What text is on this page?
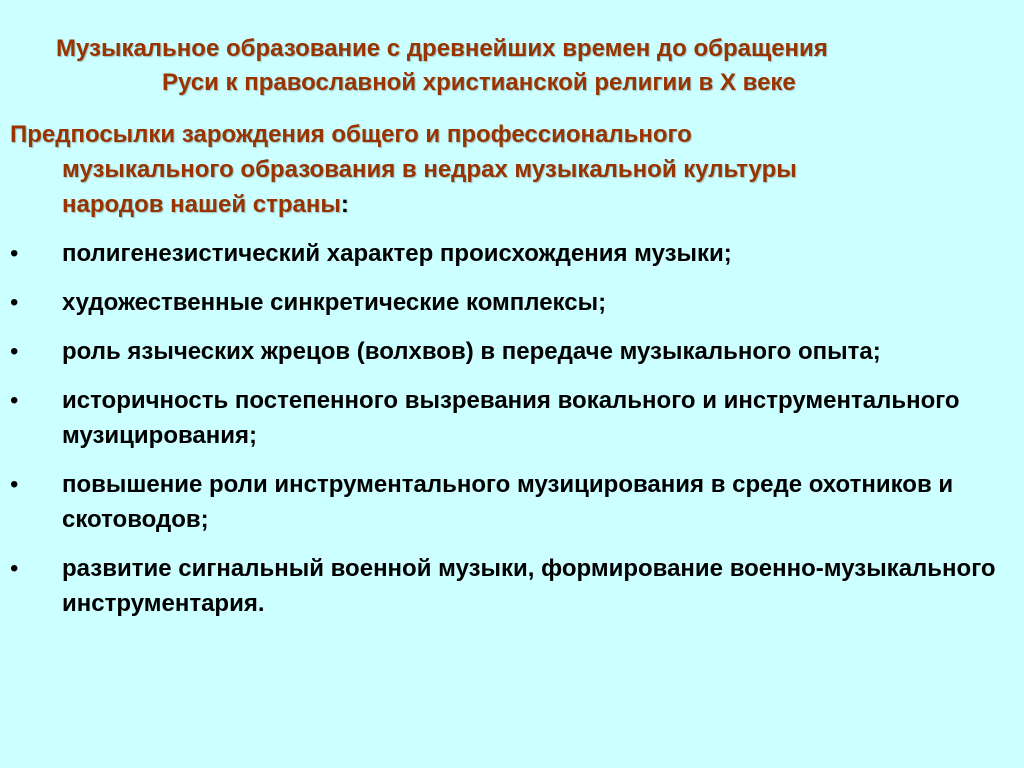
Музыкальное образование с древнейших времен до обращения
Руси к православной христианской религии в X веке
Предпосылки зарождения общего и профессионального
музыкального образования в недрах музыкальной культуры
народов нашей страны:
•	полигенезистический характер происхождения музыки;
•	художественные синкретические комплексы;
•	роль языческих жрецов (волхвов) в передаче музыкального опыта;
•	историчность постепенного вызревания вокального и инструментального музицирования;
•	повышение роли инструментального музицирования в среде охотников и скотоводов;
•	развитие сигнальный военной музыки, формирование военно-музыкального инструментария.
